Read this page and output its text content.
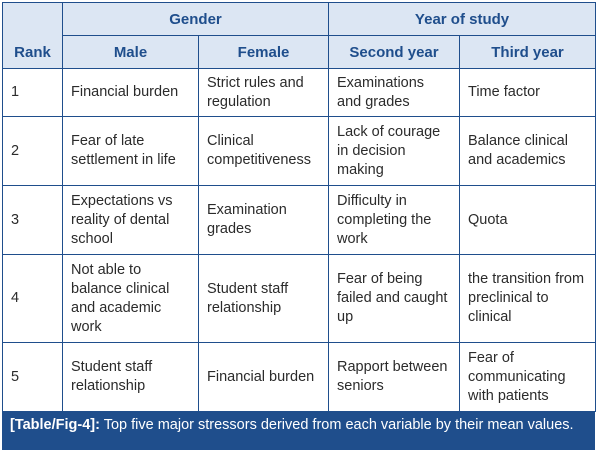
Rank	Gender		Year of study	
	Male	Female	Second year	Third year
1	Financial burden	Strict rules and regulation	Examinations and grades	Time factor
2	Fear of late settlement in life	Clinical competitiveness	Lack of courage in decision making	Balance clinical and academics
3	Expectations vs reality of dental school	Examination grades	Difficulty in completing the work	Quota
4	Not able to balance clinical and academic work	Student staff relationship	Fear of being failed and caught up	the transition from preclinical to clinical
5	Student staff relationship	Financial burden	Rapport between seniors	Fear of communicating with patients
[Table/Fig-4]: Top five major stressors derived from each variable by their mean values.
